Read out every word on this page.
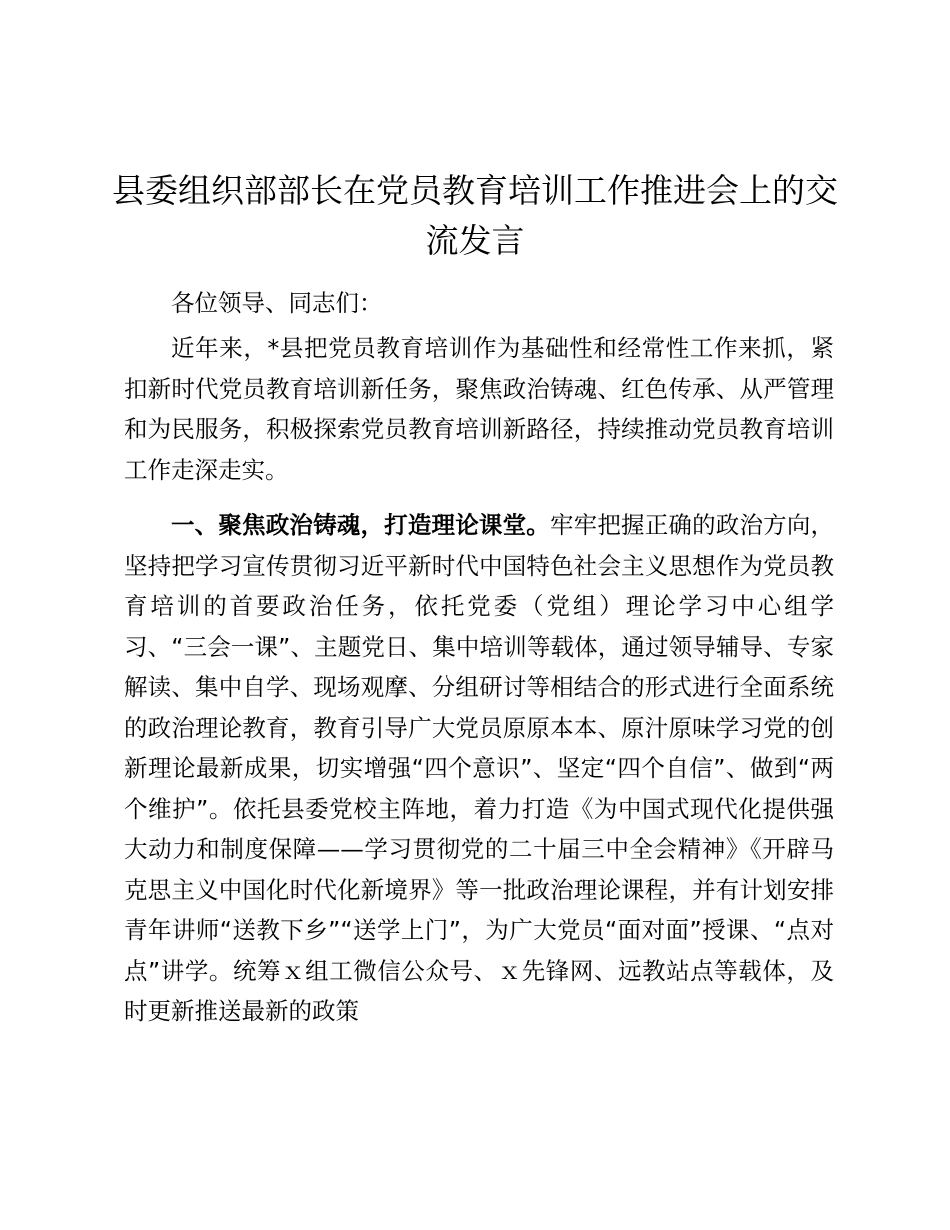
县委组织部部长在党员教育培训工作推进会上的交流发言
各位领导、同志们：

近年来，*县把党员教育培训作为基础性和经常性工作来抓，紧扣新时代党员教育培训新任务，聚焦政治铸魂、红色传承、从严管理和为民服务，积极探索党员教育培训新路径，持续推动党员教育培训工作走深走实。

一、聚焦政治铸魂，打造理论课堂。牢牢把握正确的政治方向，坚持把学习宣传贯彻习近平新时代中国特色社会主义思想作为党员教育培训的首要政治任务，依托党委（党组）理论学习中心组学习、“三会一课”、主题党日、集中培训等载体，通过领导辅导、专家解读、集中自学、现场观摩、分组研讨等相结合的形式进行全面系统的政治理论教育，教育引导广大党员原原本本、原汁原味学习党的创新理论最新成果，切实增强“四个意识”、坚定“四个自信”、做到“两个维护”。依托县委党校主阵地，着力打造《为中国式现代化提供强大动力和制度保障——学习贯彻党的二十届三中全会精神》《开辟马克思主义中国化时代化新境界》等一批政治理论课程，并有计划安排青年讲师“送教下乡”“送学上门”，为广大党员“面对面”授课、“点对点”讲学。统筹ｘ组工微信公众号、ｘ先锋网、远教站点等载体，及时更新推送最新的政策
